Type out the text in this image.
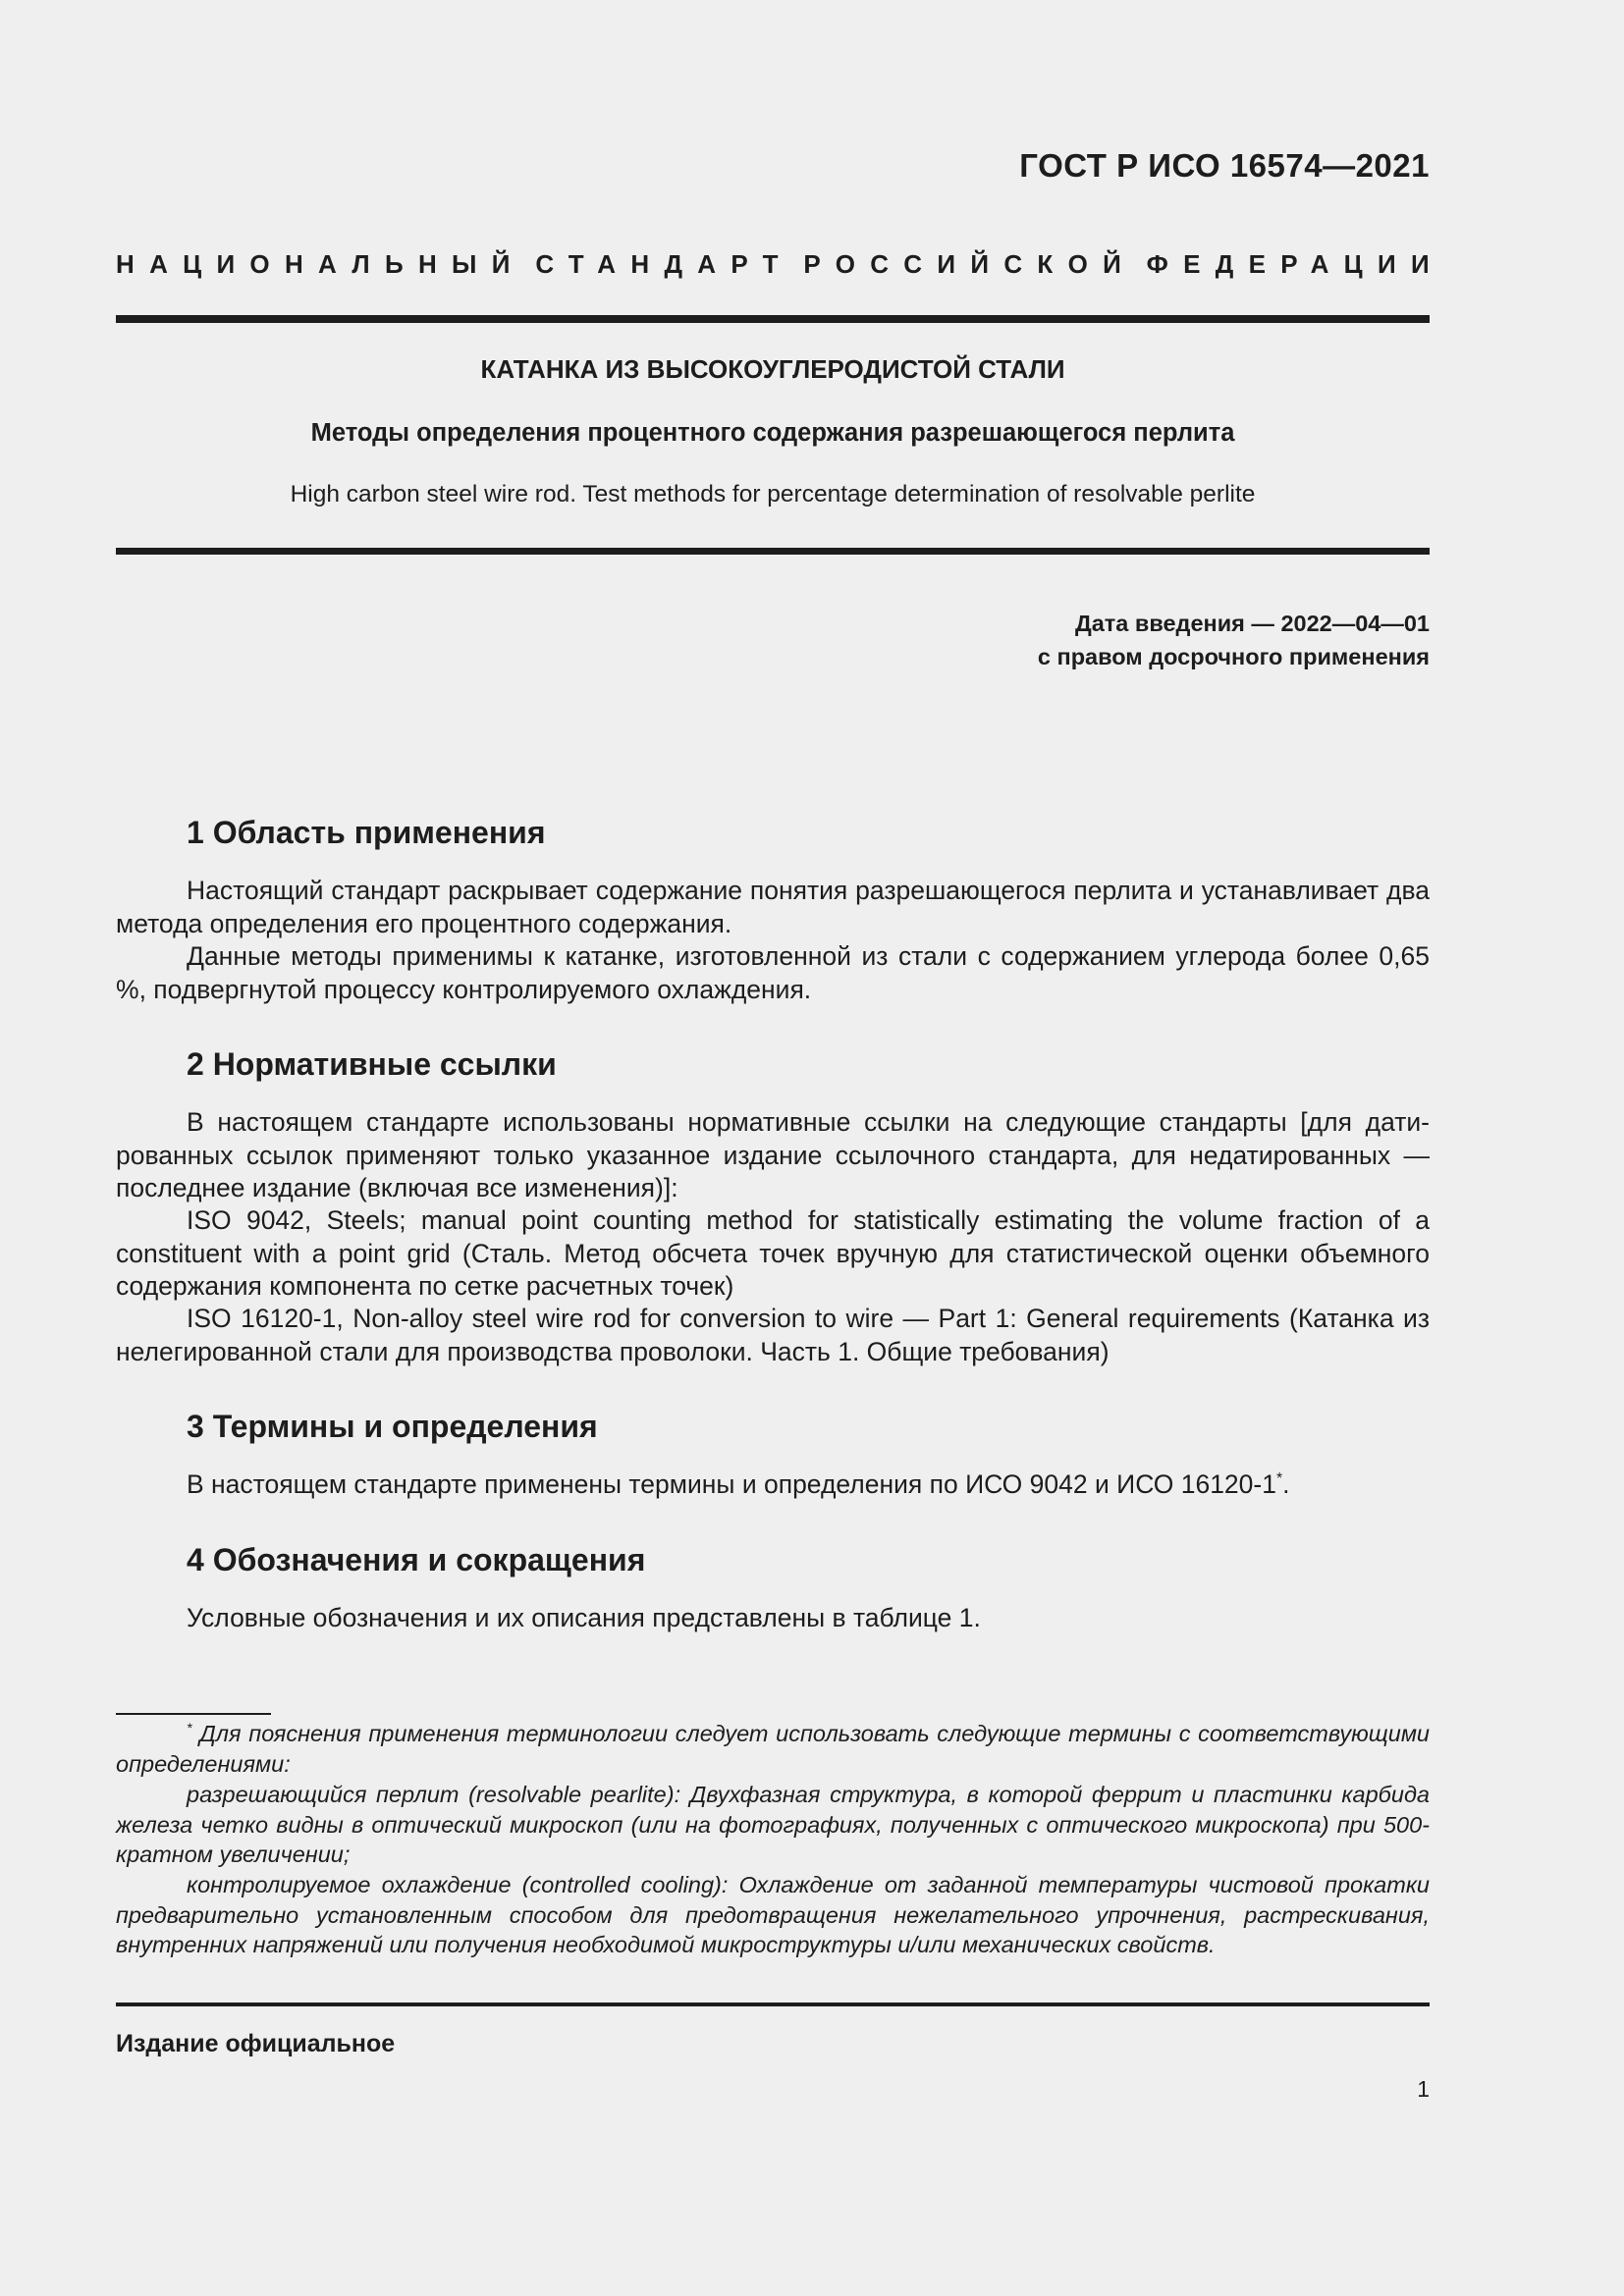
ГОСТ Р ИСО 16574—2021
НАЦИОНАЛЬНЫЙ СТАНДАРТ РОССИЙСКОЙ ФЕДЕРАЦИИ
КАТАНКА ИЗ ВЫСОКОУГЛЕРОДИСТОЙ СТАЛИ
Методы определения процентного содержания разрешающегося перлита
High carbon steel wire rod. Test methods for percentage determination of resolvable perlite
Дата введения — 2022—04—01
с правом досрочного применения
1 Область применения
Настоящий стандарт раскрывает содержание понятия разрешающегося перлита и устанавливает два метода определения его процентного содержания.
Данные методы применимы к катанке, изготовленной из стали с содержанием углерода более 0,65 %, подвергнутой процессу контролируемого охлаждения.
2 Нормативные ссылки
В настоящем стандарте использованы нормативные ссылки на следующие стандарты [для датированных ссылок применяют только указанное издание ссылочного стандарта, для недатированных — последнее издание (включая все изменения)]:
ISO 9042, Steels; manual point counting method for statistically estimating the volume fraction of a constituent with a point grid (Сталь. Метод обсчета точек вручную для статистической оценки объемного содержания компонента по сетке расчетных точек)
ISO 16120-1, Non-alloy steel wire rod for conversion to wire — Part 1: General requirements (Катанка из нелегированной стали для производства проволоки. Часть 1. Общие требования)
3 Термины и определения
В настоящем стандарте применены термины и определения по ИСО 9042 и ИСО 16120-1*.
4 Обозначения и сокращения
Условные обозначения и их описания представлены в таблице 1.
* Для пояснения применения терминологии следует использовать следующие термины с соответствующими определениями:
разрешающийся перлит (resolvable pearlite): Двухфазная структура, в которой феррит и пластинки карбида железа четко видны в оптический микроскоп (или на фотографиях, полученных с оптического микроскопа) при 500-кратном увеличении;
контролируемое охлаждение (controlled cooling): Охлаждение от заданной температуры чистовой прокатки предварительно установленным способом для предотвращения нежелательного упрочнения, растрескивания, внутренних напряжений или получения необходимой микроструктуры и/или механических свойств.
Издание официальное
1
